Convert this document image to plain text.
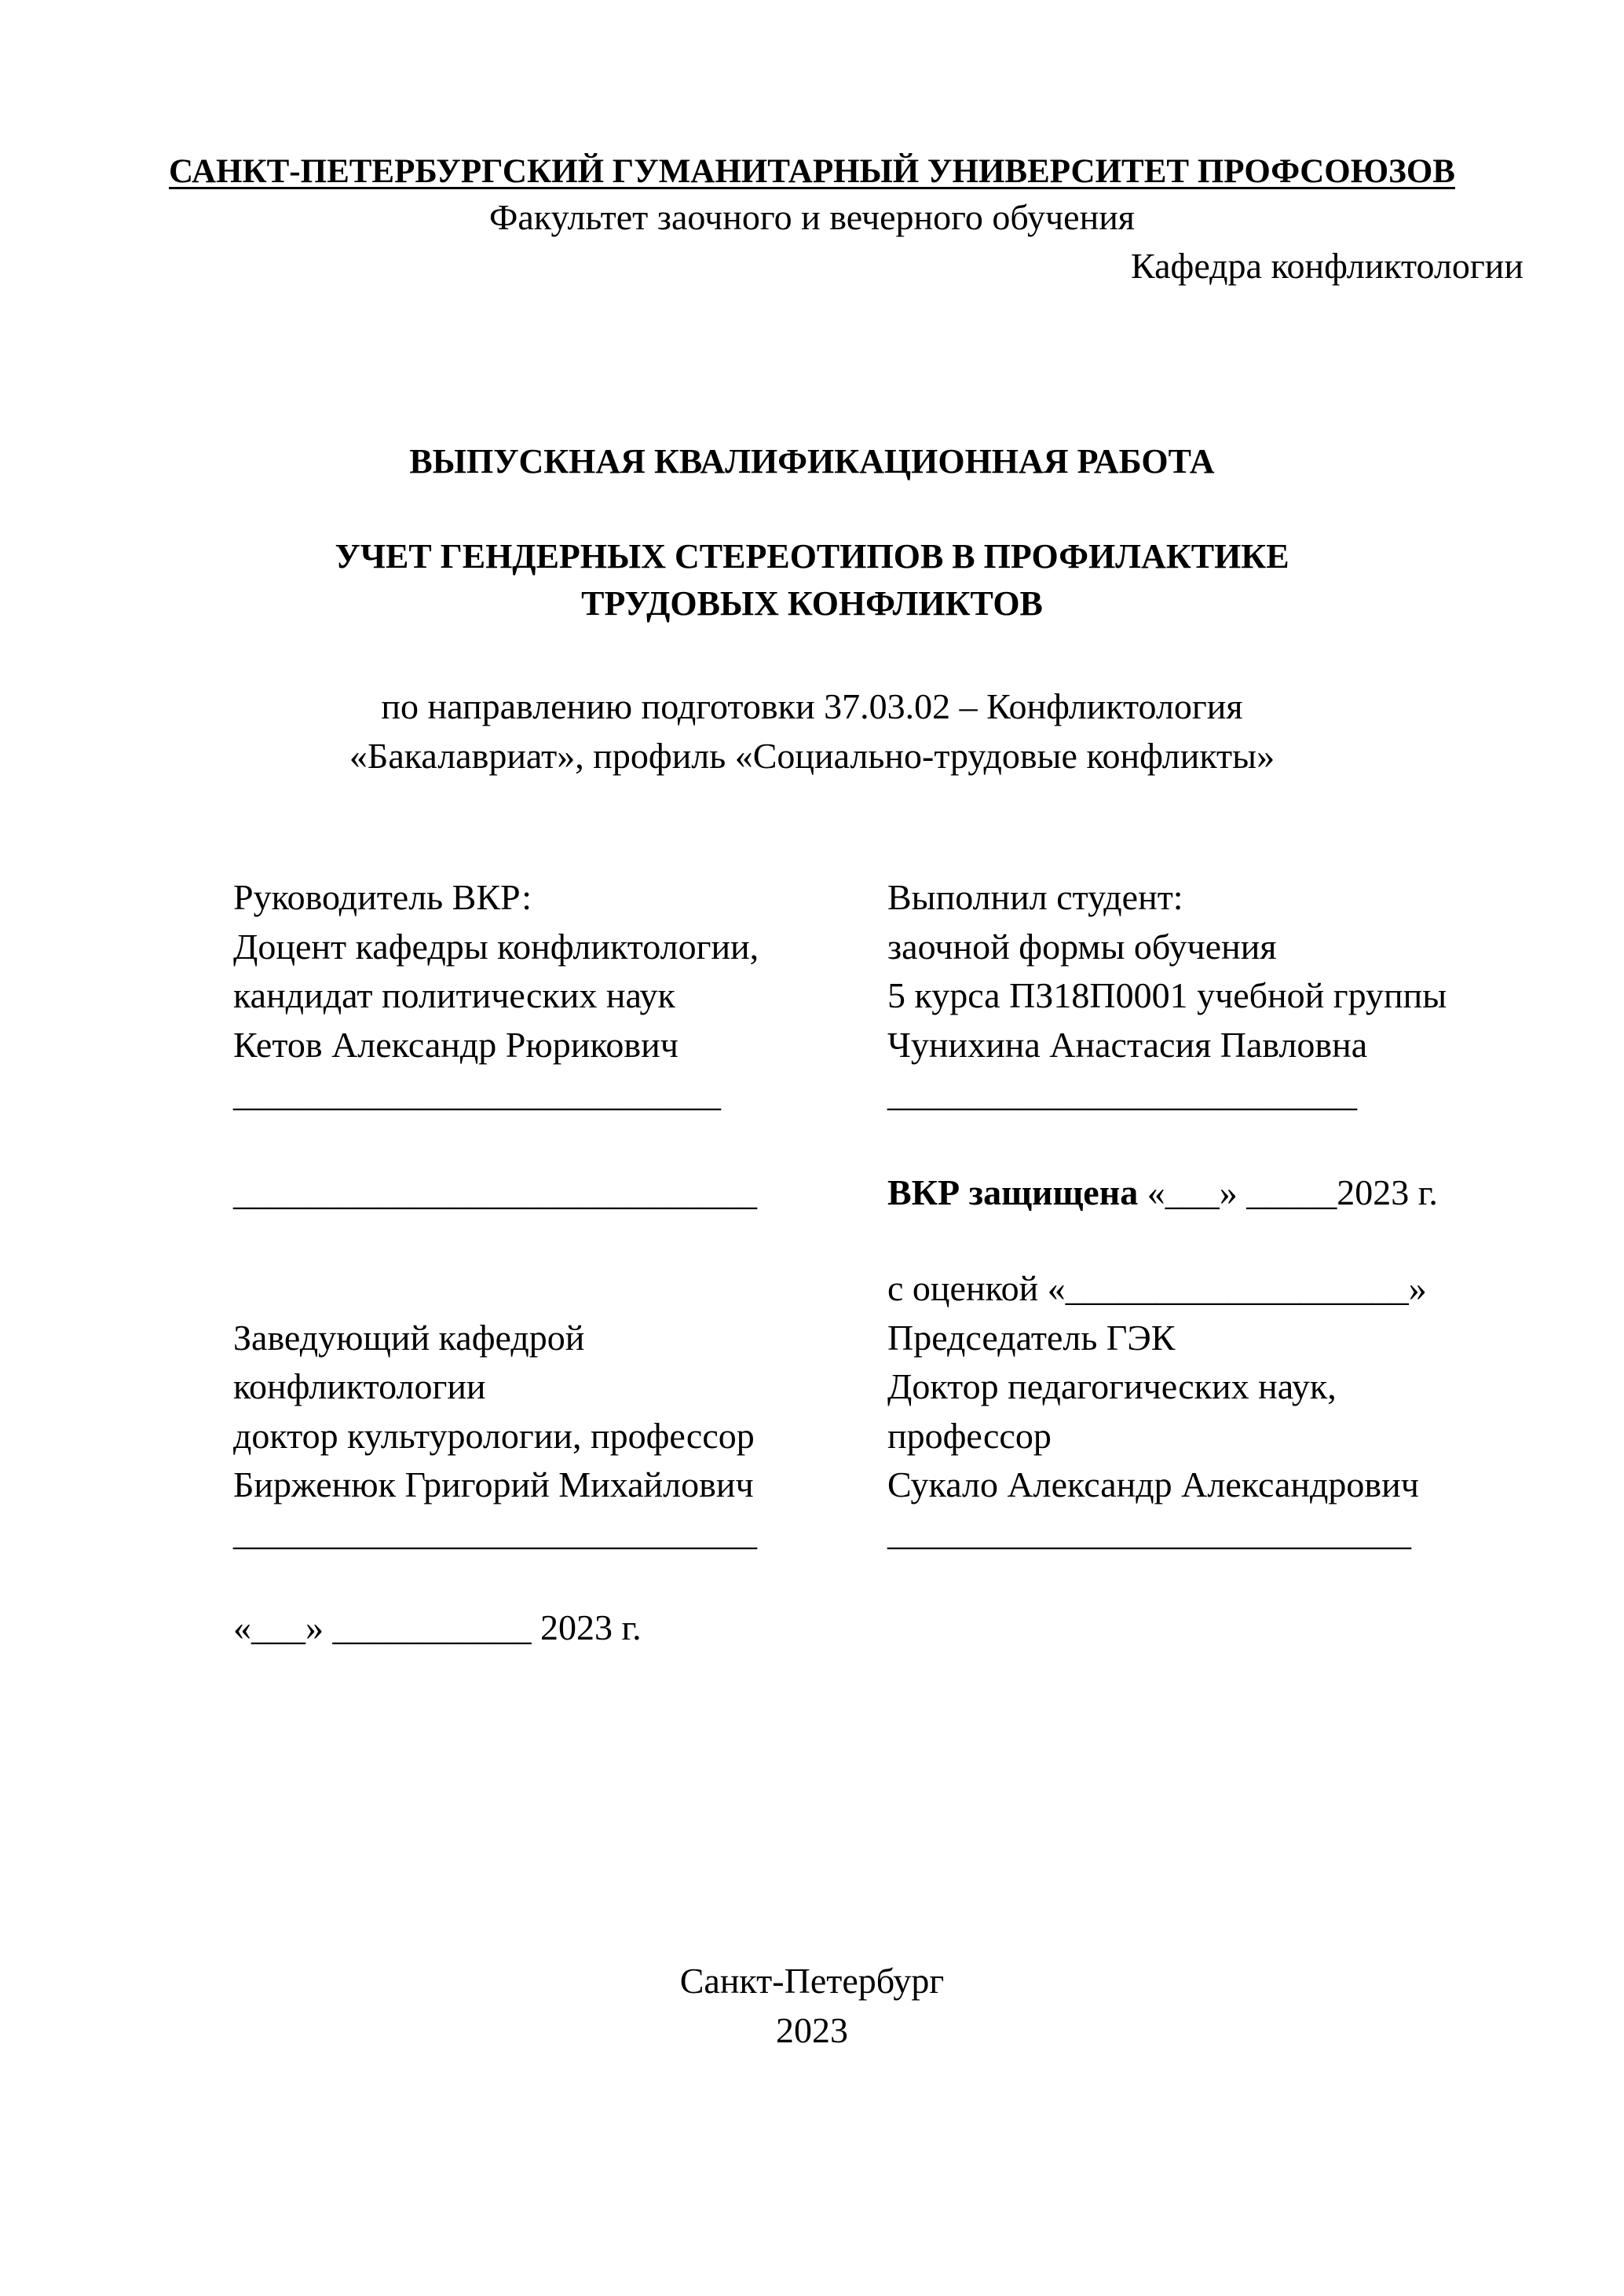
САНКТ-ПЕТЕРБУРГСКИЙ ГУМАНИТАРНЫЙ УНИВЕРСИТЕТ ПРОФСОЮЗОВ
Факультет заочного и вечерного обучения
Кафедра конфликтологии
ВЫПУСКНАЯ КВАЛИФИКАЦИОННАЯ РАБОТА
УЧЕТ ГЕНДЕРНЫХ СТЕРЕОТИПОВ В ПРОФИЛАКТИКЕ
ТРУДОВЫХ КОНФЛИКТОВ
по направлению подготовки 37.03.02 – Конфликтология
«Бакалавриат», профиль «Социально-трудовые конфликты»
Руководитель ВКР:
Доцент кафедры конфликтологии,
кандидат политических наук
Кетов Александр Рюрикович
___________________________
_____________________________
Выполнил студент:
заочной формы обучения
5 курса ПЗ18П0001 учебной группы
Чунихина Анастасия Павловна
__________________________
ВКР защищена «___» _____2023 г.
с оценкой «___________________»
Заведующий кафедрой
конфликтологии
доктор культурологии, профессор
Бирженюк Григорий Михайлович
_____________________________
«___» ___________ 2023 г.
Председатель ГЭК
Доктор педагогических наук,
профессор
Сукало Александр Александрович
_____________________________
Санкт-Петербург
2023
